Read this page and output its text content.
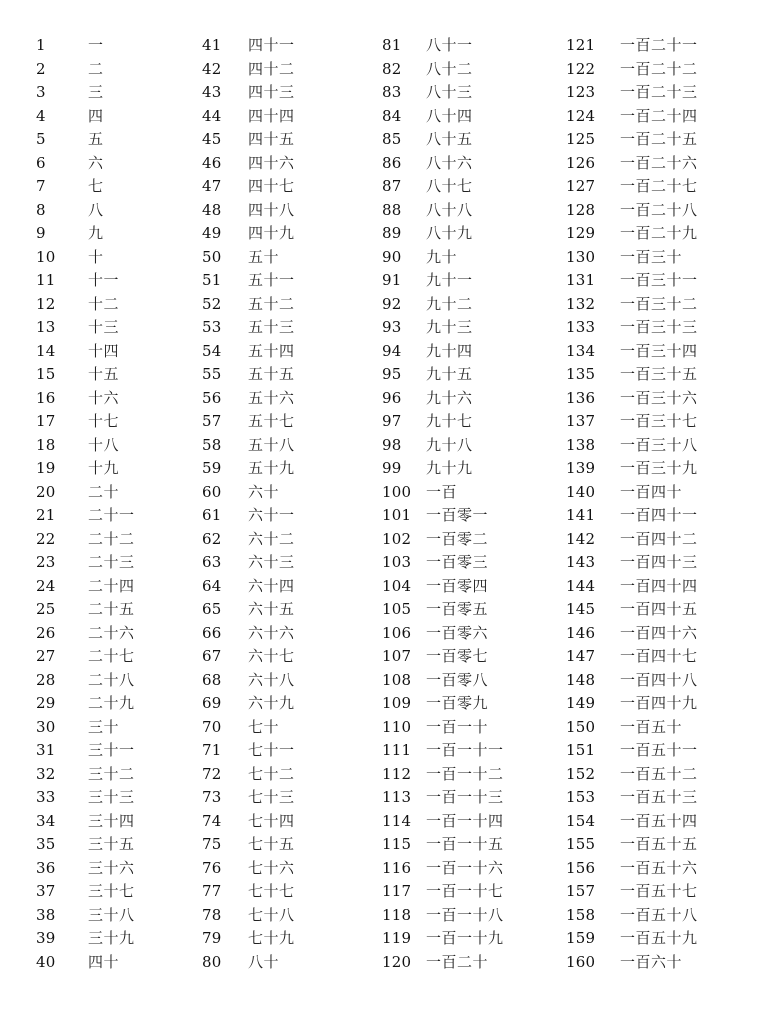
1	一
2	二
3	三
4	四
5	五
6	六
7	七
8	八
9	九
10	十
11	十一
12	十二
13	十三
14	十四
15	十五
16	十六
17	十七
18	十八
19	十九
20	二十
21	二十一
22	二十二
23	二十三
24	二十四
25	二十五
26	二十六
27	二十七
28	二十八
29	二十九
30	三十
31	三十一
32	三十二
33	三十三
34	三十四
35	三十五
36	三十六
37	三十七
38	三十八
39	三十九
40	四十
41	四十一
42	四十二
43	四十三
44	四十四
45	四十五
46	四十六
47	四十七
48	四十八
49	四十九
50	五十
51	五十一
52	五十二
53	五十三
54	五十四
55	五十五
56	五十六
57	五十七
58	五十八
59	五十九
60	六十
61	六十一
62	六十二
63	六十三
64	六十四
65	六十五
66	六十六
67	六十七
68	六十八
69	六十九
70	七十
71	七十一
72	七十二
73	七十三
74	七十四
75	七十五
76	七十六
77	七十七
78	七十八
79	七十九
80	八十
81	八十一
82	八十二
83	八十三
84	八十四
85	八十五
86	八十六
87	八十七
88	八十八
89	八十九
90	九十
91	九十一
92	九十二
93	九十三
94	九十四
95	九十五
96	九十六
97	九十七
98	九十八
99	九十九
100 一百
101 一百零一
102 一百零二
103 一百零三
104 一百零四
105 一百零五
106 一百零六
107 一百零七
108 一百零八
109 一百零九
110 一百一十
111 一百一十一
112 一百一十二
113 一百一十三
114 一百一十四
115 一百一十五
116 一百一十六
117 一百一十七
118 一百一十八
119 一百一十九
120 一百二十
121	一百二十一
122	一百二十二
123	一百二十三
124	一百二十四
125	一百二十五
126	一百二十六
127	一百二十七
128	一百二十八
129	一百二十九
130	一百三十
131	一百三十一
132	一百三十二
133	一百三十三
134	一百三十四
135	一百三十五
136	一百三十六
137	一百三十七
138	一百三十八
139	一百三十九
140	一百四十
141	一百四十一
142	一百四十二
143	一百四十三
144	一百四十四
145	一百四十五
146	一百四十六
147	一百四十七
148	一百四十八
149	一百四十九
150	一百五十
151	一百五十一
152	一百五十二
153	一百五十三
154	一百五十四
155	一百五十五
156	一百五十六
157	一百五十七
158	一百五十八
159	一百五十九
160	一百六十
